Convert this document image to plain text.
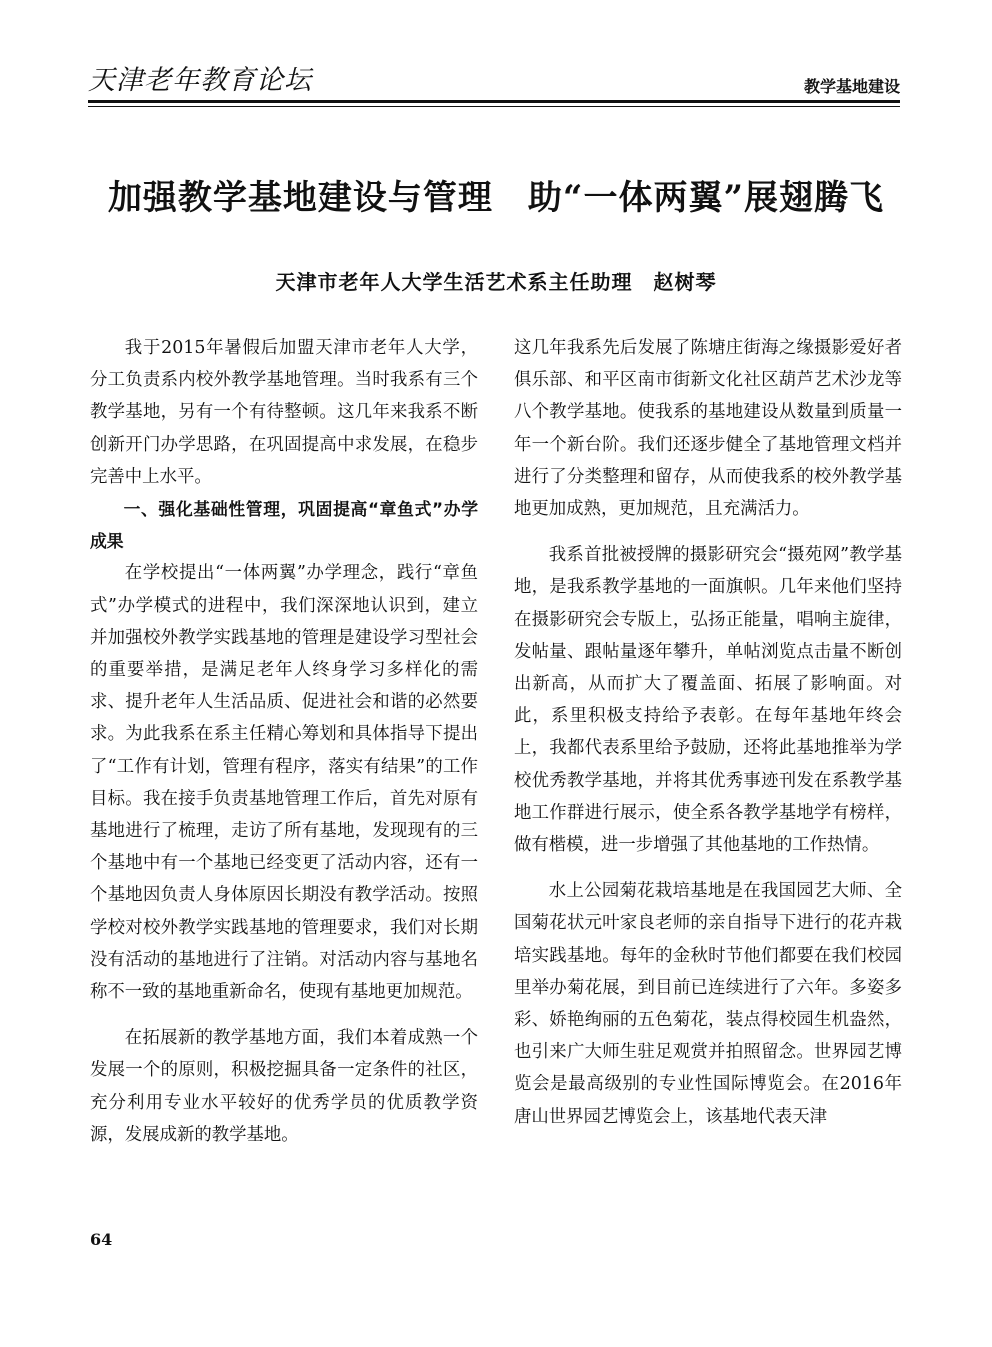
天津老年教育论坛	教学基地建设
加强教学基地建设与管理　助“一体两翼”展翅腾飞
天津市老年人大学生活艺术系主任助理　赵树琴

我于2015年暑假后加盟天津市老年人大学，分工负责系内校外教学基地管理。当时我系有三个教学基地，另有一个有待整顿。这几年来我系不断创新开门办学思路，在巩固提高中求发展，在稳步完善中上水平。

一、强化基础性管理，巩固提高“章鱼式”办学成果

在学校提出“一体两翼”办学理念，践行“章鱼式”办学模式的进程中，我们深深地认识到，建立并加强校外教学实践基地的管理是建设学习型社会的重要举措，是满足老年人终身学习多样化的需求、提升老年人生活品质、促进社会和谐的必然要求。为此我系在系主任精心筹划和具体指导下提出了“工作有计划，管理有程序，落实有结果”的工作目标。我在接手负责基地管理工作后，首先对原有基地进行了梳理，走访了所有基地，发现现有的三个基地中有一个基地已经变更了活动内容，还有一个基地因负责人身体原因长期没有教学活动。按照学校对校外教学实践基地的管理要求，我们对长期没有活动的基地进行了注销。对活动内容与基地名称不一致的基地重新命名，使现有基地更加规范。

在拓展新的教学基地方面，我们本着成熟一个发展一个的原则，积极挖掘具备一定条件的社区，充分利用专业水平较好的优秀学员的优质教学资源，发展成新的教学基地。

这几年我系先后发展了陈塘庄街海之缘摄影爱好者俱乐部、和平区南市街新文化社区葫芦艺术沙龙等八个教学基地。使我系的基地建设从数量到质量一年一个新台阶。我们还逐步健全了基地管理文档并进行了分类整理和留存，从而使我系的校外教学基地更加成熟，更加规范，且充满活力。

我系首批被授牌的摄影研究会“摄苑网”教学基地，是我系教学基地的一面旗帜。几年来他们坚持在摄影研究会专版上，弘扬正能量，唱响主旋律，发帖量、跟帖量逐年攀升，单帖浏览点击量不断创出新高，从而扩大了覆盖面、拓展了影响面。对此，系里积极支持给予表彰。在每年基地年终会上，我都代表系里给予鼓励，还将此基地推举为学校优秀教学基地，并将其优秀事迹刊发在系教学基地工作群进行展示，使全系各教学基地学有榜样，做有楷模，进一步增强了其他基地的工作热情。

水上公园菊花栽培基地是在我国园艺大师、全国菊花状元叶家良老师的亲自指导下进行的花卉栽培实践基地。每年的金秋时节他们都要在我们校园里举办菊花展，到目前已连续进行了六年。多姿多彩、娇艳绚丽的五色菊花，装点得校园生机盎然，也引来广大师生驻足观赏并拍照留念。世界园艺博览会是最高级别的专业性国际博览会。在2016年唐山世界园艺博览会上，该基地代表天津

64
